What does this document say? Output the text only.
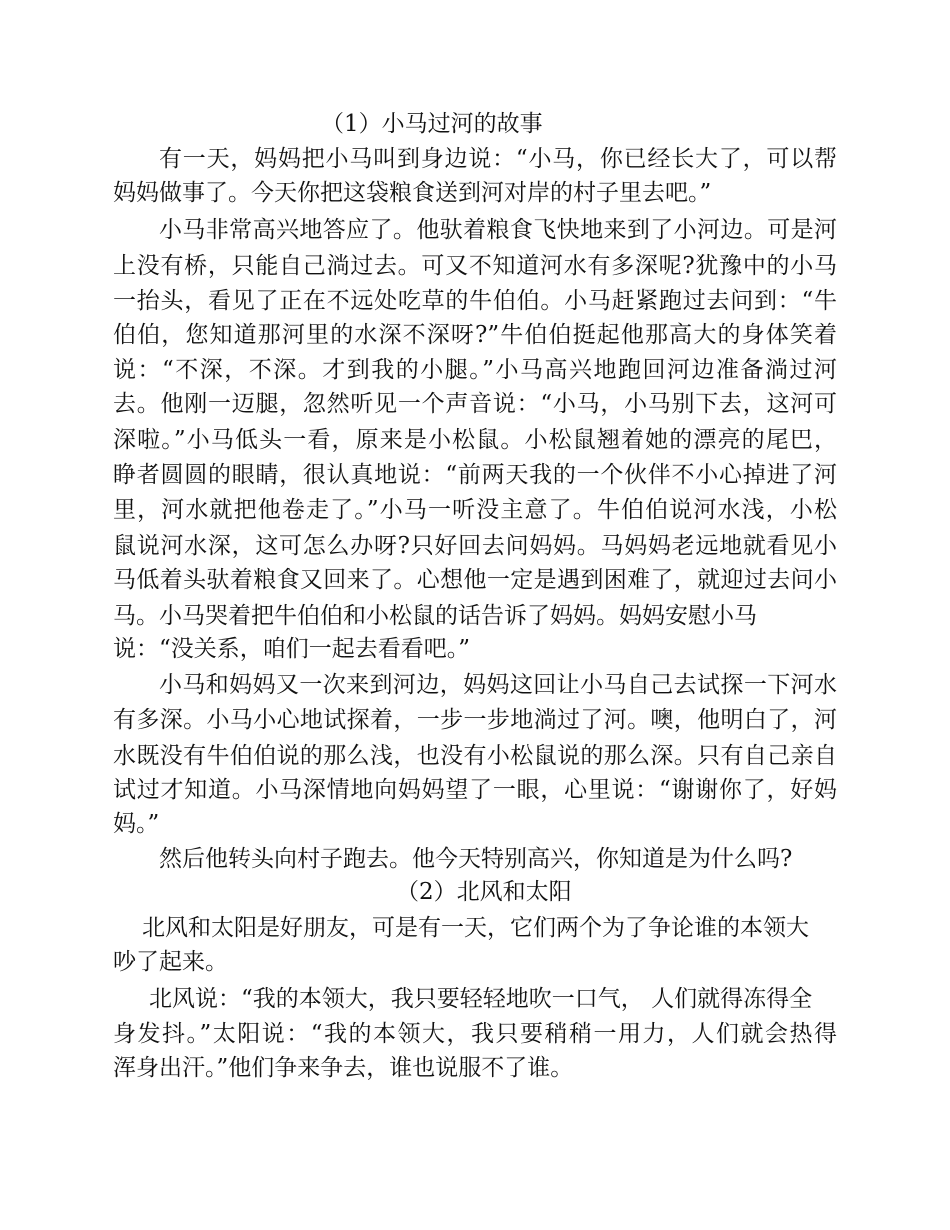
（1）小马过河的故事
有一天，妈妈把小马叫到身边说：“小马，你已经长大了，可以帮
妈妈做事了。今天你把这袋粮食送到河对岸的村子里去吧。”
小马非常高兴地答应了。他驮着粮食飞快地来到了小河边。可是河
上没有桥，只能自己淌过去。可又不知道河水有多深呢?犹豫中的小马
一抬头，看见了正在不远处吃草的牛伯伯。小马赶紧跑过去问到：“牛
伯伯，您知道那河里的水深不深呀?”牛伯伯挺起他那高大的身体笑着
说：“不深，不深。才到我的小腿。”小马高兴地跑回河边准备淌过河
去。他刚一迈腿，忽然听见一个声音说：“小马，小马别下去，这河可
深啦。”小马低头一看，原来是小松鼠。小松鼠翘着她的漂亮的尾巴，
睁者圆圆的眼睛，很认真地说：“前两天我的一个伙伴不小心掉进了河
里，河水就把他卷走了。”小马一听没主意了。牛伯伯说河水浅，小松
鼠说河水深，这可怎么办呀?只好回去问妈妈。马妈妈老远地就看见小
马低着头驮着粮食又回来了。心想他一定是遇到困难了，就迎过去问小
马。小马哭着把牛伯伯和小松鼠的话告诉了妈妈。妈妈安慰小马
说：“没关系，咱们一起去看看吧。”
小马和妈妈又一次来到河边，妈妈这回让小马自己去试探一下河水
有多深。小马小心地试探着，一步一步地淌过了河。噢，他明白了，河
水既没有牛伯伯说的那么浅，也没有小松鼠说的那么深。只有自己亲自
试过才知道。小马深情地向妈妈望了一眼，心里说：“谢谢你了，好妈
妈。”
然后他转头向村子跑去。他今天特别高兴，你知道是为什么吗?
（2）北风和太阳
北风和太阳是好朋友，可是有一天，它们两个为了争论谁的本领大
吵了起来。
北风说：“我的本领大，我只要轻轻地吹一口气， 人们就得冻得全
身发抖。”太阳说：“我的本领大，我只要稍稍一用力，人们就会热得
浑身出汗。”他们争来争去，谁也说服不了谁。
